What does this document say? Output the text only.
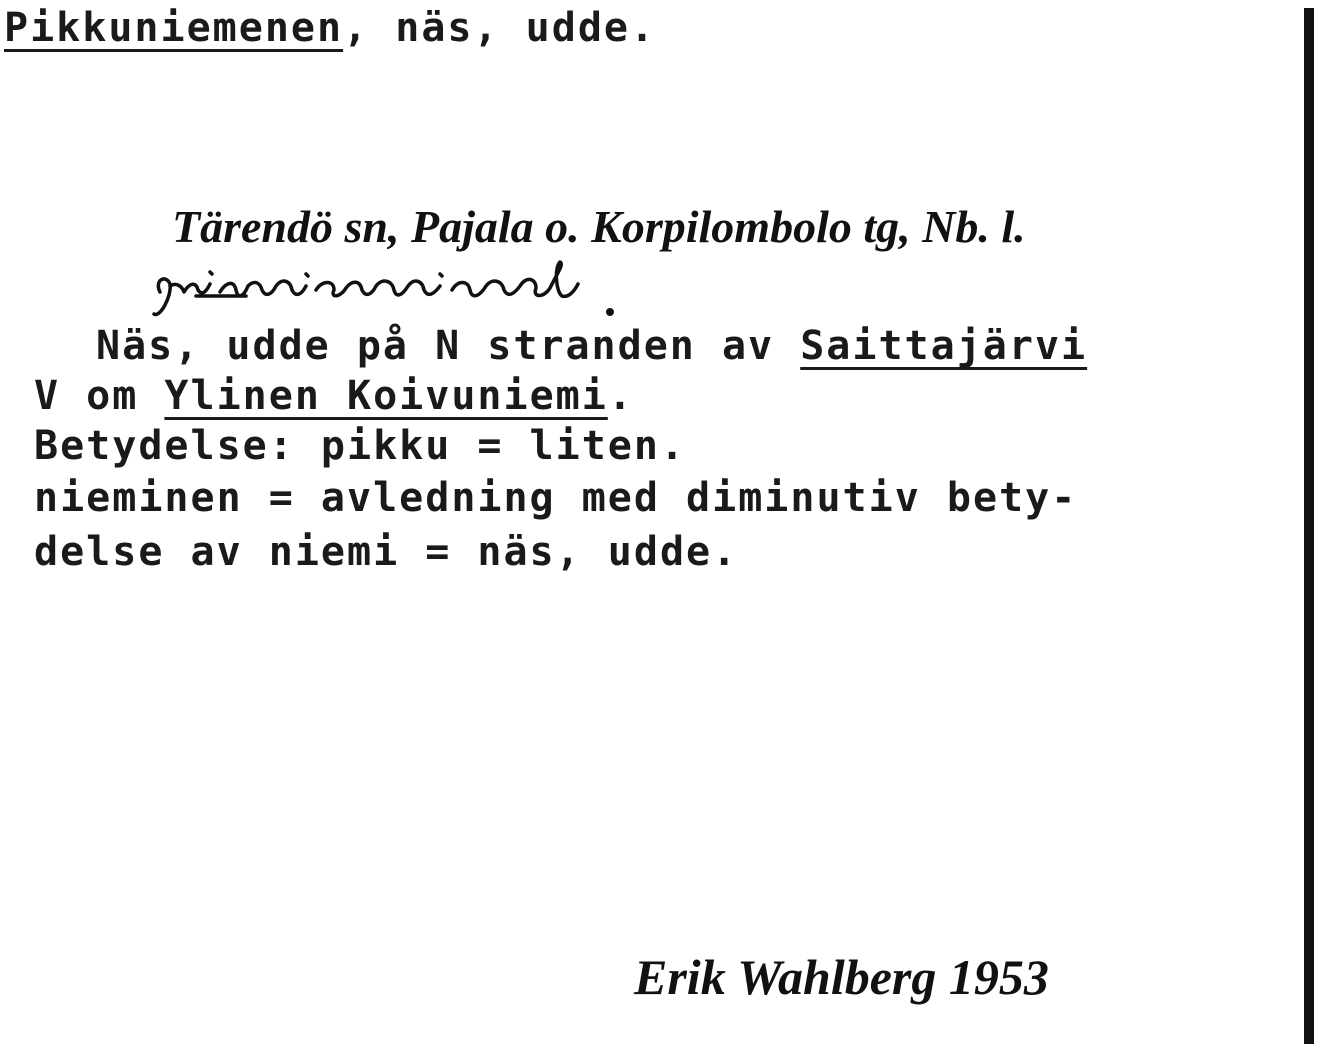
Pikkuniemenen, näs, udde.
Tärendö sn, Pajala o. Korpilombolo tg, Nb. l.
Näs, udde på N stranden av Saittajärvi
V om Ylinen Koivuniemi.
Betydelse: pikku = liten.
nieminen = avledning med diminutiv bety-
delse av niemi = näs, udde.
Erik Wahlberg 1953
